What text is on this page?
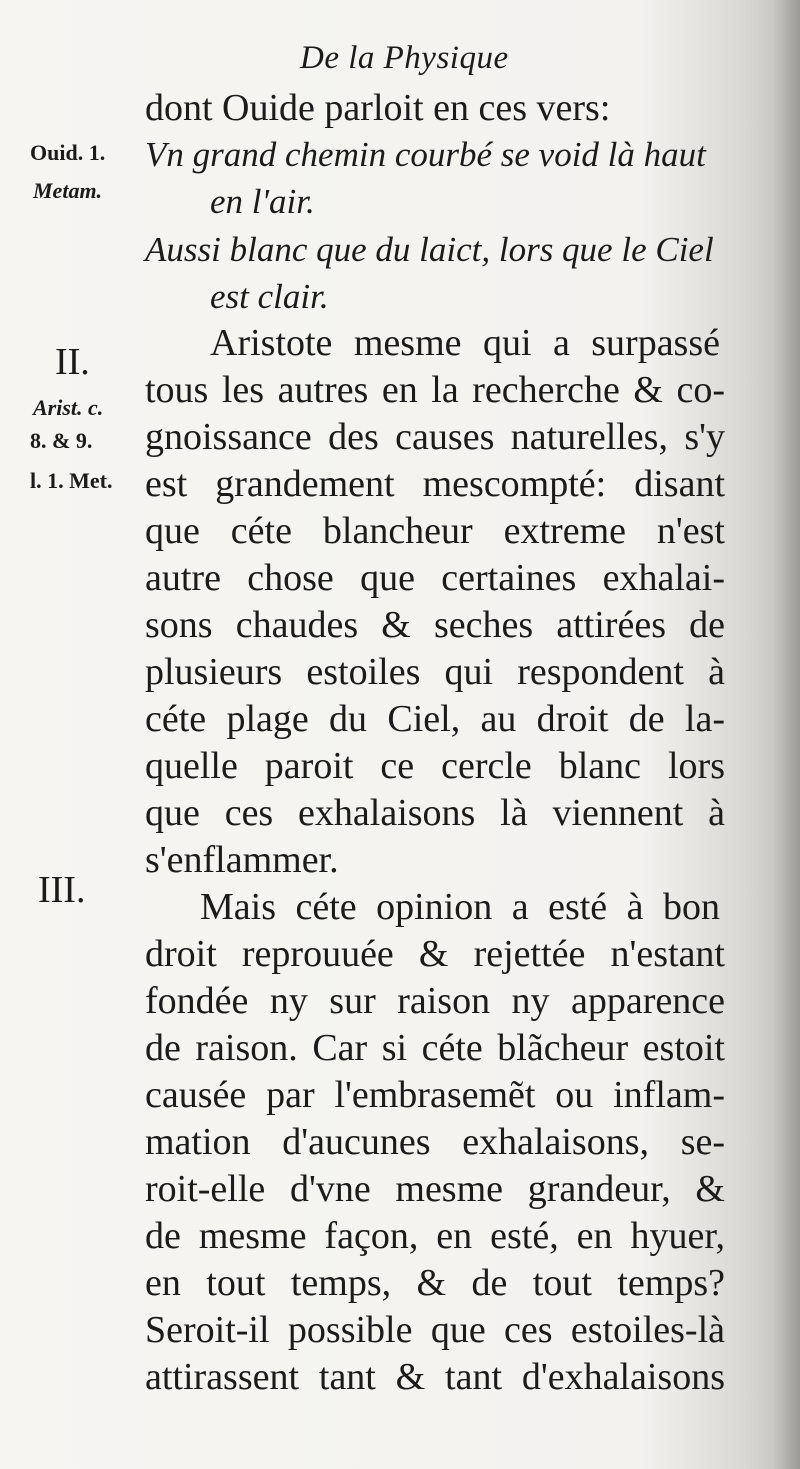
De la Physique
Ouid. 1.
Metam.
II.
Arist. c.
8. & 9.
l. 1. Met.
III.
dont Ouide parloit en ces vers:
Vn grand chemin courbé se void là haut
en l'air.
Aussi blanc que du laict, lors que le Ciel
est clair.
Aristote mesme qui a surpassé
tous les autres en la recherche & co-
gnoissance des causes naturelles, s'y
est grandement mescompté: disant
que céte blancheur extreme n'est
autre chose que certaines exhalai-
sons chaudes & seches attirées de
plusieurs estoiles qui respondent à
céte plage du Ciel, au droit de la-
quelle paroit ce cercle blanc lors
que ces exhalaisons là viennent à
s'enflammer.
Mais céte opinion a esté à bon
droit reprouuée & rejettée n'estant
fondée ny sur raison ny apparence
de raison. Car si céte blãcheur estoit
causée par l'embrasemẽt ou inflam-
mation d'aucunes exhalaisons, se-
roit-elle d'vne mesme grandeur, &
de mesme façon, en esté, en hyuer,
en tout temps, & de tout temps?
Seroit-il possible que ces estoiles-là
attirassent tant & tant d'exhalaisons
